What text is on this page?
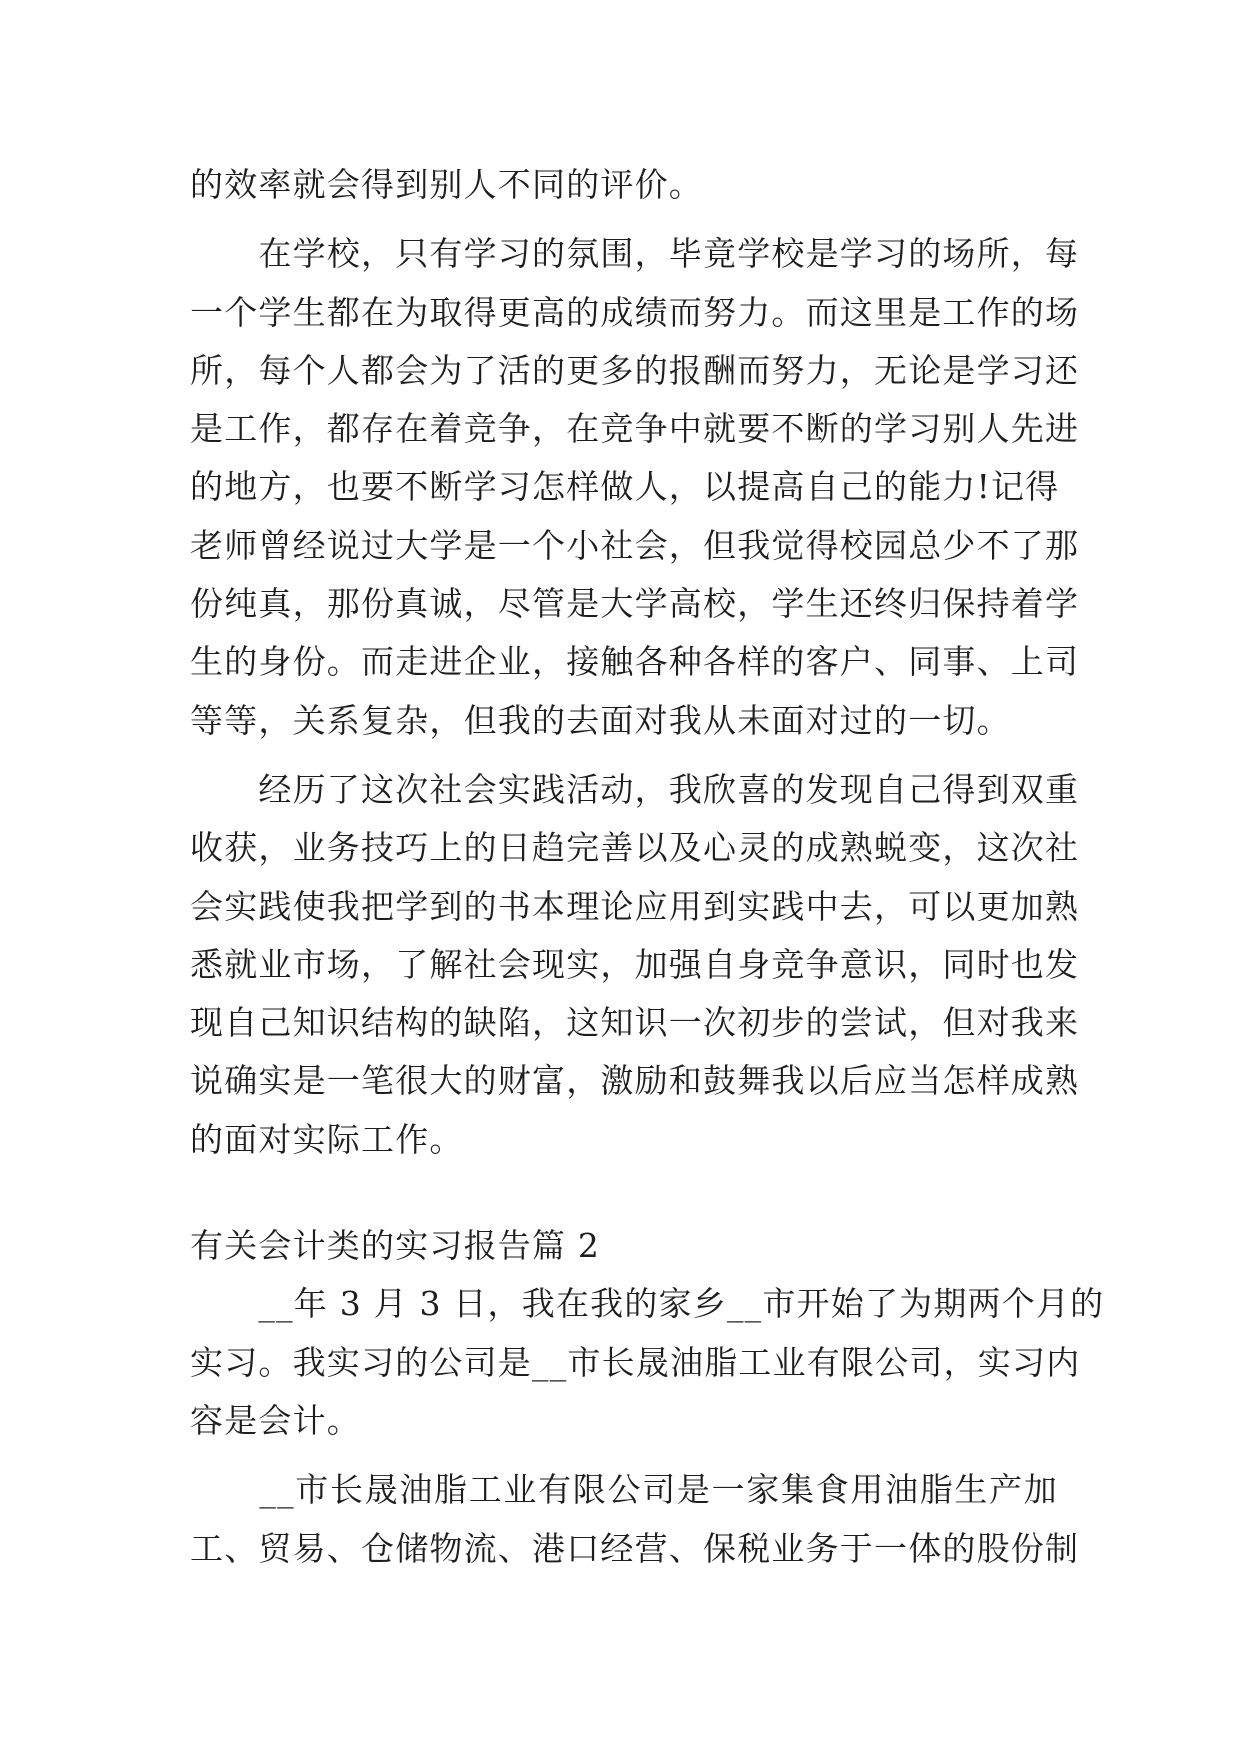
的效率就会得到别人不同的评价。
　　在学校，只有学习的氛围，毕竟学校是学习的场所，每
一个学生都在为取得更高的成绩而努力。而这里是工作的场
所，每个人都会为了活的更多的报酬而努力，无论是学习还
是工作，都存在着竞争，在竞争中就要不断的学习别人先进
的地方，也要不断学习怎样做人，以提高自己的能力!记得
老师曾经说过大学是一个小社会，但我觉得校园总少不了那
份纯真，那份真诚，尽管是大学高校，学生还终归保持着学
生的身份。而走进企业，接触各种各样的客户、同事、上司
等等，关系复杂，但我的去面对我从未面对过的一切。
　　经历了这次社会实践活动，我欣喜的发现自己得到双重
收获，业务技巧上的日趋完善以及心灵的成熟蜕变，这次社
会实践使我把学到的书本理论应用到实践中去，可以更加熟
悉就业市场，了解社会现实，加强自身竞争意识，同时也发
现自己知识结构的缺陷，这知识一次初步的尝试，但对我来
说确实是一笔很大的财富，激励和鼓舞我以后应当怎样成熟
的面对实际工作。
有关会计类的实习报告篇 2
　　__年 3 月 3 日，我在我的家乡__市开始了为期两个月的
实习。我实习的公司是__市长晟油脂工业有限公司，实习内
容是会计。
　　__市长晟油脂工业有限公司是一家集食用油脂生产加
工、贸易、仓储物流、港口经营、保税业务于一体的股份制
